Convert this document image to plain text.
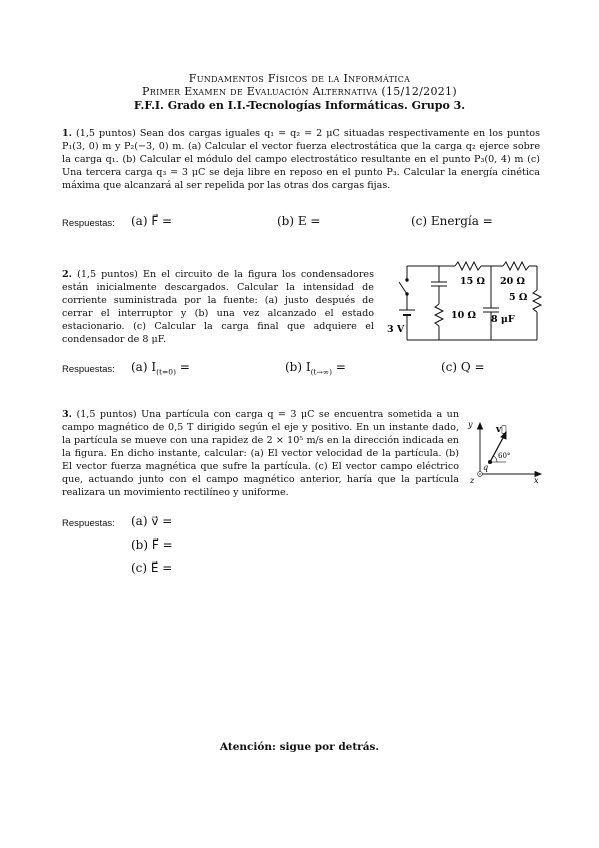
Fundamentos Físicos de la Informática
Primer Examen de Evaluación Alternativa (15/12/2021)
F.F.I. Grado en I.I.-Tecnologías Informáticas. Grupo 3.
1. (1,5 puntos) Sean dos cargas iguales q₁ = q₂ = 2 μC situadas respectivamente en los puntos P₁(3, 0) m y P₂(−3, 0) m. (a) Calcular el vector fuerza electrostática que la carga q₂ ejerce sobre la carga q₁. (b) Calcular el módulo del campo electrostático resultante en el punto P₃(0, 4) m (c) Una tercera carga q₃ = 3 μC se deja libre en reposo en el punto P₃. Calcular la energía cinética máxima que alcanzará al ser repelida por las otras dos cargas fijas.
Respuestas: (a) F⃗ =	(b) E =	(c) Energía =
2. (1,5 puntos) En el circuito de la figura los condensadores están inicialmente descargados. Calcular la intensidad de corriente suministrada por la fuente: (a) justo después de cerrar el interruptor y (b) una vez alcanzado el estado estacionario. (c) Calcular la carga final que adquiere el condensador de 8 μF.
15 Ω 20 Ω
5 Ω
10 Ω 8 μF
3 V
Respuestas: (a) $I_{(t=0)}$ =	(b) $I_{(t\to\infty)}$ =	(c) Q =
3. (1,5 puntos) Una partícula con carga q = 3 μC se encuentra sometida a un campo magnético de 0,5 T dirigido según el eje y positivo. En un instante dado, la partícula se mueve con una rapidez de 2 × 10⁵ m/s en la dirección indicada en la figura. En dicho instante, calcular: (a) El vector velocidad de la partícula. (b) El vector fuerza magnética que sufre la partícula. (c) El vector campo eléctrico que, actuando junto con el campo magnético anterior, haría que la partícula realizara un movimiento rectilíneo y uniforme.
y
x
z
v⃗
q
60°
Respuestas: (a) v⃗ =
(b) F⃗ =
(c) E⃗ =
Atención: sigue por detrás.
